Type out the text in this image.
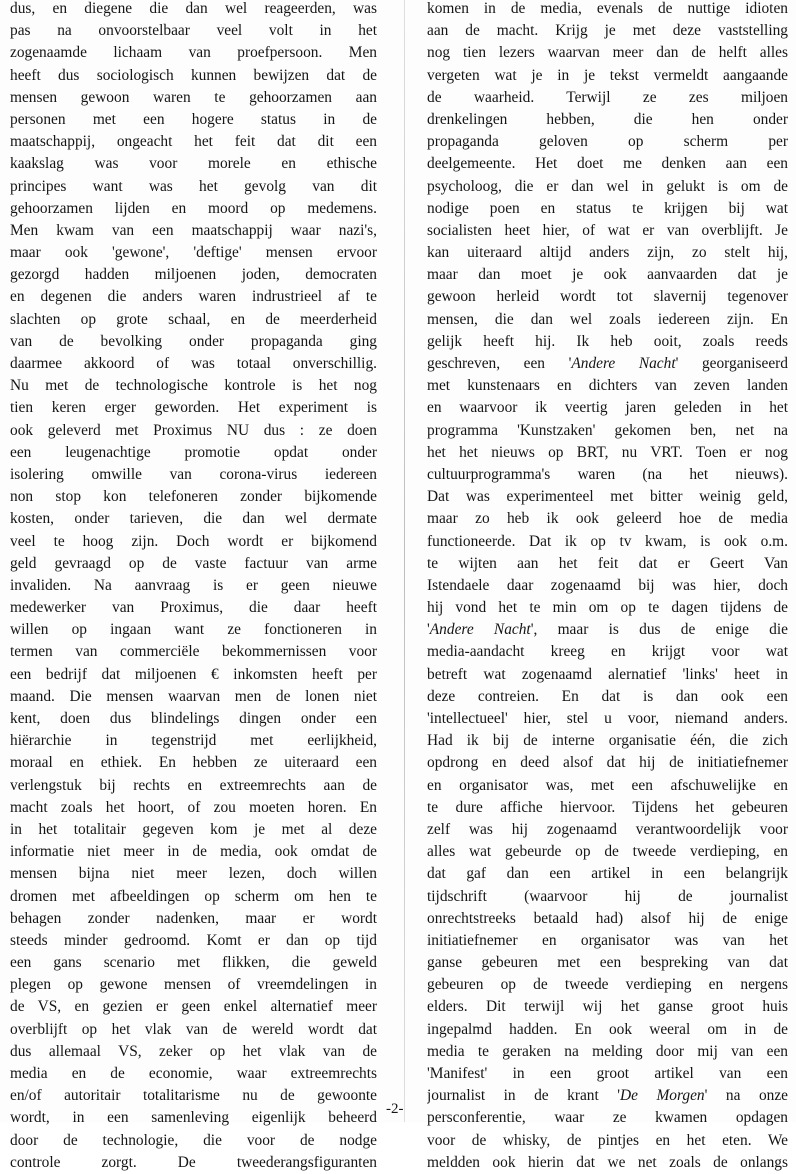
dus, en diegene die dan wel reageerden, was
pas na onvoorstelbaar veel volt in het
zogenaamde lichaam van proefpersoon. Men
heeft dus sociologisch kunnen bewijzen dat de
mensen gewoon waren te gehoorzamen aan
personen met een hogere status in de
maatschappij, ongeacht het feit dat dit een
kaakslag was voor morele en ethische
principes want was het gevolg van dit
gehoorzamen lijden en moord op medemens.
Men kwam van een maatschappij waar nazi's,
maar ook 'gewone', 'deftige' mensen ervoor
gezorgd hadden miljoenen joden, democraten
en degenen die anders waren indrustrieel af te
slachten op grote schaal, en de meerderheid
van de bevolking onder propaganda ging
daarmee akkoord of was totaal onverschillig.
Nu met de technologische kontrole is het nog
tien keren erger geworden. Het experiment is
ook geleverd met Proximus NU dus : ze doen
een leugenachtige promotie opdat onder
isolering omwille van corona-virus iedereen
non stop kon telefoneren zonder bijkomende
kosten, onder tarieven, die dan wel dermate
veel te hoog zijn. Doch wordt er bijkomend
geld gevraagd op de vaste factuur van arme
invaliden. Na aanvraag is er geen nieuwe
medewerker van Proximus, die daar heeft
willen op ingaan want ze fonctioneren in
termen van commerciële bekommernissen voor
een bedrijf dat miljoenen € inkomsten heeft per
maand. Die mensen waarvan men de lonen niet
kent, doen dus blindelings dingen onder een
hiërarchie in tegenstrijd met eerlijkheid,
moraal en ethiek. En hebben ze uiteraard een
verlengstuk bij rechts en extreemrechts aan de
macht zoals het hoort, of zou moeten horen. En
in het totalitair gegeven kom je met al deze
informatie niet meer in de media, ook omdat de
mensen bijna niet meer lezen, doch willen
dromen met afbeeldingen op scherm om hen te
behagen zonder nadenken, maar er wordt
steeds minder gedroomd. Komt er dan op tijd
een gans scenario met flikken, die geweld
plegen op gewone mensen of vreemdelingen in
de VS, en gezien er geen enkel alternatief meer
overblijft op het vlak van de wereld wordt dat
dus allemaal VS, zeker op het vlak van de
media en de economie, waar extreemrechts
en/of autoritair totalitarisme nu de gewoonte
wordt, in een samenleving eigenlijk beheerd
door de technologie, die voor de nodge
controle zorgt. De tweederangsfiguranten
komen in de media, evenals de nuttige idioten
aan de macht. Krijg je met deze vaststelling
nog tien lezers waarvan meer dan de helft alles
vergeten wat je in je tekst vermeldt aangaande
de waarheid. Terwijl ze zes miljoen
drenkelingen hebben, die hen onder
propaganda geloven op scherm per
deelgemeente. Het doet me denken aan een
psycholoog, die er dan wel in gelukt is om de
nodige poen en status te krijgen bij wat
socialisten heet hier, of wat er van overblijft. Je
kan uiteraard altijd anders zijn, zo stelt hij,
maar dan moet je ook aanvaarden dat je
gewoon herleid wordt tot slavernij tegenover
mensen, die dan wel zoals iedereen zijn. En
gelijk heeft hij. Ik heb ooit, zoals reeds
geschreven, een 'Andere Nacht' georganiseerd
met kunstenaars en dichters van zeven landen
en waarvoor ik veertig jaren geleden in het
programma 'Kunstzaken' gekomen ben, net na
het het nieuws op BRT, nu VRT. Toen er nog
cultuurprogramma's waren (na het nieuws).
Dat was experimenteel met bitter weinig geld,
maar zo heb ik ook geleerd hoe de media
functioneerde. Dat ik op tv kwam, is ook o.m.
te wijten aan het feit dat er Geert Van
Istendaele daar zogenaamd bij was hier, doch
hij vond het te min om op te dagen tijdens de
'Andere Nacht', maar is dus de enige die
media-aandacht kreeg en krijgt voor wat
betreft wat zogenaamd alernatief 'links' heet in
deze contreien. En dat is dan ook een
'intellectueel' hier, stel u voor, niemand anders.
Had ik bij de interne organisatie één, die zich
opdrong en deed alsof dat hij de initiatiefnemer
en organisator was, met een afschuwelijke en
te dure affiche hiervoor. Tijdens het gebeuren
zelf was hij zogenaamd verantwoordelijk voor
alles wat gebeurde op de tweede verdieping, en
dat gaf dan een artikel in een belangrijk
tijdschrift (waarvoor hij de journalist
onrechtstreeks betaald had) alsof hij de enige
initiatiefnemer en organisator was van het
ganse gebeuren met een bespreking van dat
gebeuren op de tweede verdieping en nergens
elders. Dit terwijl wij het ganse groot huis
ingepalmd hadden. En ook weeral om in de
media te geraken na melding door mij van een
'Manifest' in een groot artikel van een
journalist in de krant 'De Morgen' na onze
persconferentie, waar ze kwamen opdagen
voor de whisky, de pintjes en het eten. We
meldden ook hierin dat we net zoals de onlangs
-2-
